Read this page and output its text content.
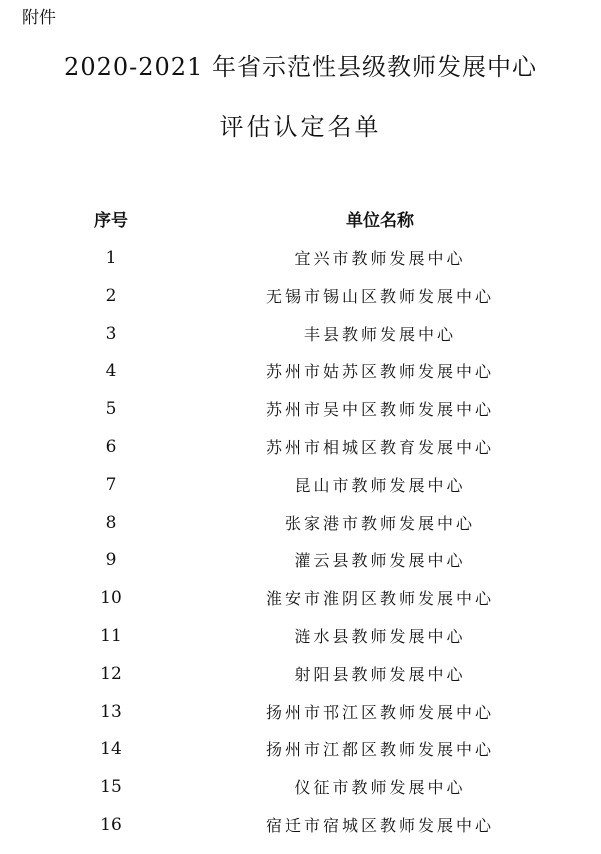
附件
2020-2021 年省示范性县级教师发展中心
评估认定名单
序号	单位名称
1	宜兴市教师发展中心
2	无锡市锡山区教师发展中心
3	丰县教师发展中心
4	苏州市姑苏区教师发展中心
5	苏州市吴中区教师发展中心
6	苏州市相城区教育发展中心
7	昆山市教师发展中心
8	张家港市教师发展中心
9	灌云县教师发展中心
10	淮安市淮阴区教师发展中心
11	涟水县教师发展中心
12	射阳县教师发展中心
13	扬州市邗江区教师发展中心
14	扬州市江都区教师发展中心
15	仪征市教师发展中心
16	宿迁市宿城区教师发展中心
